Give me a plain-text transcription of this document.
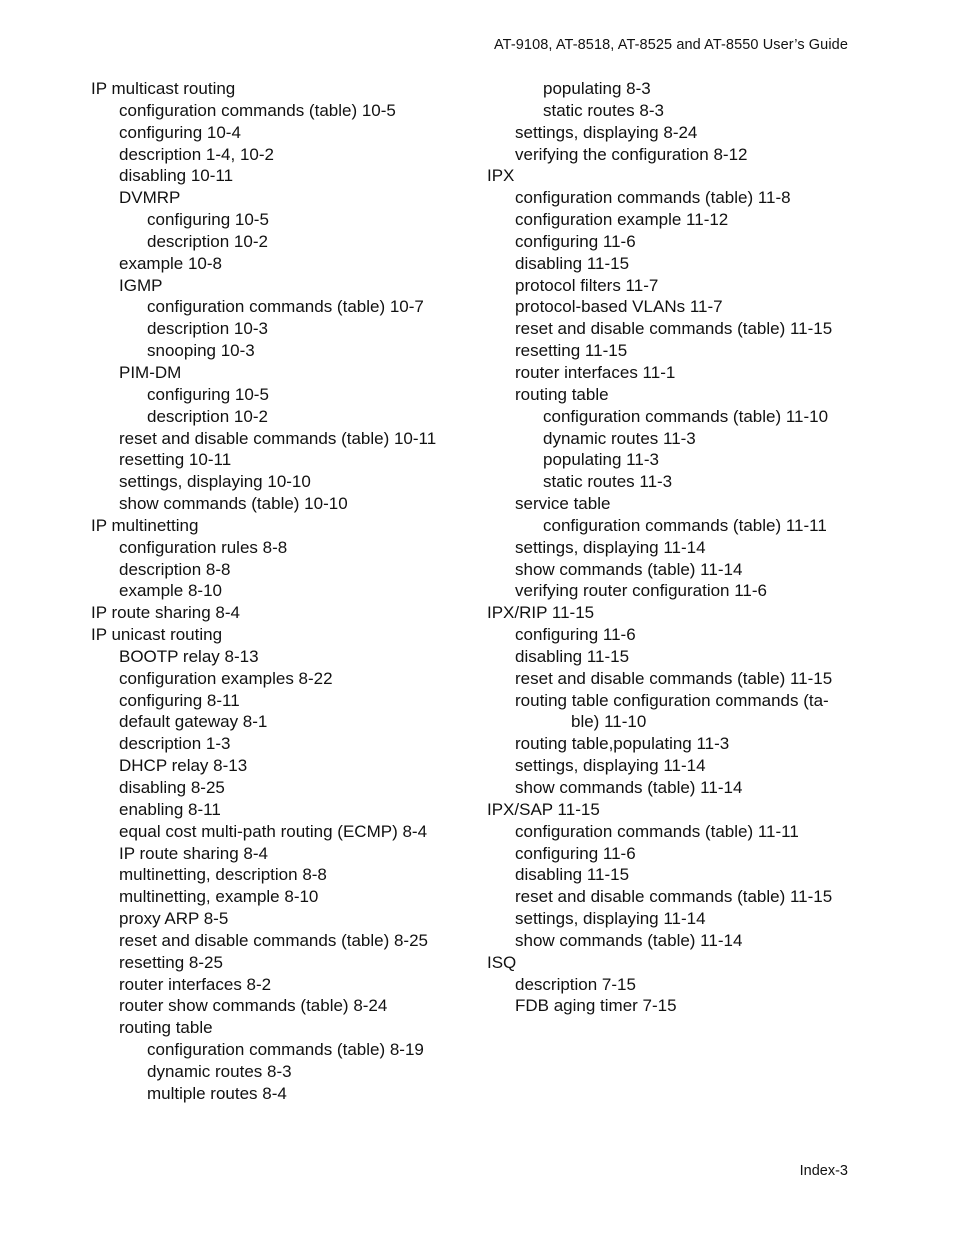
AT-9108, AT-8518, AT-8525 and AT-8550 User’s Guide
IP multicast routing
configuration commands (table) 10-5
configuring 10-4
description 1-4, 10-2
disabling 10-11
DVMRP
configuring 10-5
description 10-2
example 10-8
IGMP
configuration commands (table) 10-7
description 10-3
snooping 10-3
PIM-DM
configuring 10-5
description 10-2
reset and disable commands (table) 10-11
resetting 10-11
settings, displaying 10-10
show commands (table) 10-10
IP multinetting
configuration rules 8-8
description 8-8
example 8-10
IP route sharing 8-4
IP unicast routing
BOOTP relay 8-13
configuration examples 8-22
configuring 8-11
default gateway 8-1
description 1-3
DHCP relay 8-13
disabling 8-25
enabling 8-11
equal cost multi-path routing (ECMP) 8-4
IP route sharing 8-4
multinetting, description 8-8
multinetting, example 8-10
proxy ARP 8-5
reset and disable commands (table) 8-25
resetting 8-25
router interfaces 8-2
router show commands (table) 8-24
routing table
configuration commands (table) 8-19
dynamic routes 8-3
multiple routes 8-4
populating 8-3
static routes 8-3
settings, displaying 8-24
verifying the configuration 8-12
IPX
configuration commands (table) 11-8
configuration example 11-12
configuring 11-6
disabling 11-15
protocol filters 11-7
protocol-based VLANs 11-7
reset and disable commands (table) 11-15
resetting 11-15
router interfaces 11-1
routing table
configuration commands (table) 11-10
dynamic routes 11-3
populating 11-3
static routes 11-3
service table
configuration commands (table) 11-11
settings, displaying 11-14
show commands (table) 11-14
verifying router configuration 11-6
IPX/RIP 11-15
configuring 11-6
disabling 11-15
reset and disable commands (table) 11-15
routing table configuration commands (ta-
ble) 11-10
routing table,populating 11-3
settings, displaying 11-14
show commands (table) 11-14
IPX/SAP 11-15
configuration commands (table) 11-11
configuring 11-6
disabling 11-15
reset and disable commands (table) 11-15
settings, displaying 11-14
show commands (table) 11-14
ISQ
description 7-15
FDB aging timer 7-15
Index-3
